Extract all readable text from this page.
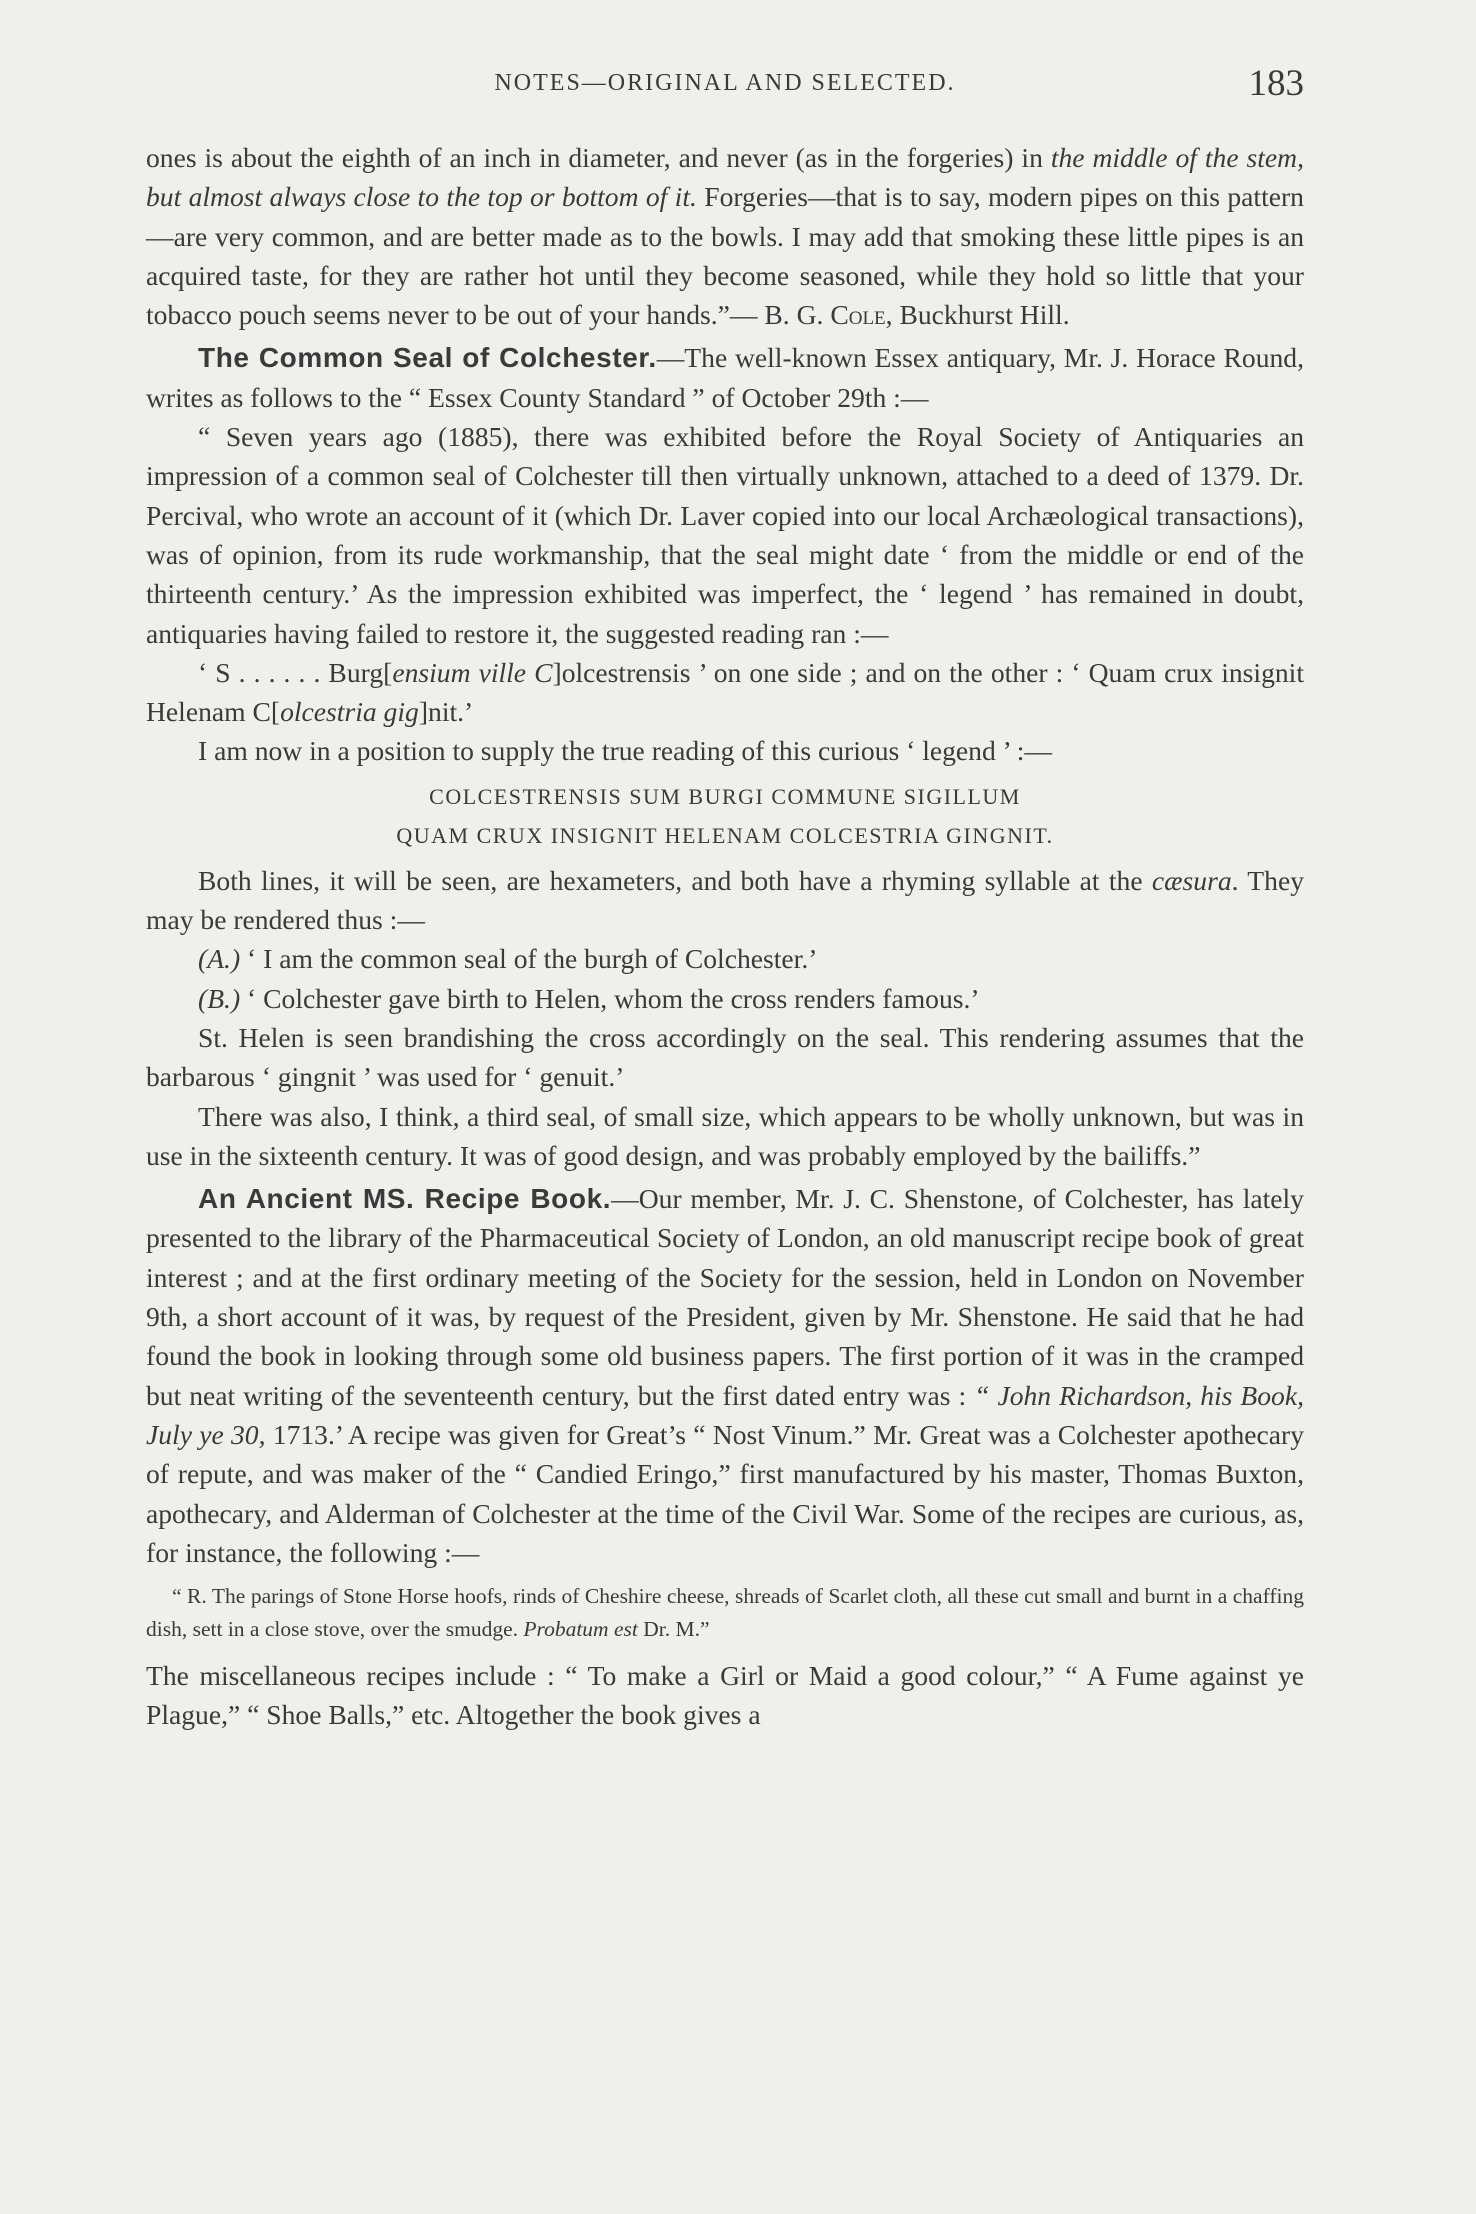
NOTES—ORIGINAL AND SELECTED.	183

ones is about the eighth of an inch in diameter, and never (as in the forgeries) in the middle of the stem, but almost always close to the top or bottom of it. Forgeries—that is to say, modern pipes on this pattern—are very common, and are better made as to the bowls. I may add that smoking these little pipes is an acquired taste, for they are rather hot until they become seasoned, while they hold so little that your tobacco pouch seems never to be out of your hands.”— B. G. Cole, Buckhurst Hill.

The Common Seal of Colchester.—The well-known Essex antiquary, Mr. J. Horace Round, writes as follows to the “ Essex County Standard ” of October 29th :—

“ Seven years ago (1885), there was exhibited before the Royal Society of Antiquaries an impression of a common seal of Colchester till then virtually unknown, attached to a deed of 1379. Dr. Percival, who wrote an account of it (which Dr. Laver copied into our local Archæological transactions), was of opinion, from its rude workmanship, that the seal might date ‘ from the middle or end of the thirteenth century.’ As the impression exhibited was imperfect, the ‘ legend ’ has remained in doubt, antiquaries having failed to restore it, the suggested reading ran :—

‘ S . . . . . . Burg[ensium ville C]olcestrensis ’ on one side ; and on the other : ‘ Quam crux insignit Helenam C[olcestria gig]nit.’

I am now in a position to supply the true reading of this curious ‘ legend ’ :—

COLCESTRENSIS SUM BURGI COMMUNE SIGILLUM

QUAM CRUX INSIGNIT HELENAM COLCESTRIA GINGNIT.

Both lines, it will be seen, are hexameters, and both have a rhyming syllable at the cæsura. They may be rendered thus :—

(A.) ‘ I am the common seal of the burgh of Colchester.’

(B.) ‘ Colchester gave birth to Helen, whom the cross renders famous.’

St. Helen is seen brandishing the cross accordingly on the seal. This rendering assumes that the barbarous ‘ gingnit ’ was used for ‘ genuit.’

There was also, I think, a third seal, of small size, which appears to be wholly unknown, but was in use in the sixteenth century. It was of good design, and was probably employed by the bailiffs.”

An Ancient MS. Recipe Book.—Our member, Mr. J. C. Shenstone, of Colchester, has lately presented to the library of the Pharmaceutical Society of London, an old manuscript recipe book of great interest ; and at the first ordinary meeting of the Society for the session, held in London on November 9th, a short account of it was, by request of the President, given by Mr. Shenstone. He said that he had found the book in looking through some old business papers. The first portion of it was in the cramped but neat writing of the seventeenth century, but the first dated entry was : “ John Richardson, his Book, July ye 30, 1713.’ A recipe was given for Great’s “ Nost Vinum.” Mr. Great was a Colchester apothecary of repute, and was maker of the “ Candied Eringo,” first manufactured by his master, Thomas Buxton, apothecary, and Alderman of Colchester at the time of the Civil War. Some of the recipes are curious, as, for instance, the following :—

“ R. The parings of Stone Horse hoofs, rinds of Cheshire cheese, shreads of Scarlet cloth, all these cut small and burnt in a chaffing dish, sett in a close stove, over the smudge. Probatum est Dr. M.”

The miscellaneous recipes include : “ To make a Girl or Maid a good colour,” “ A Fume against ye Plague,” “ Shoe Balls,” etc. Altogether the book gives a
